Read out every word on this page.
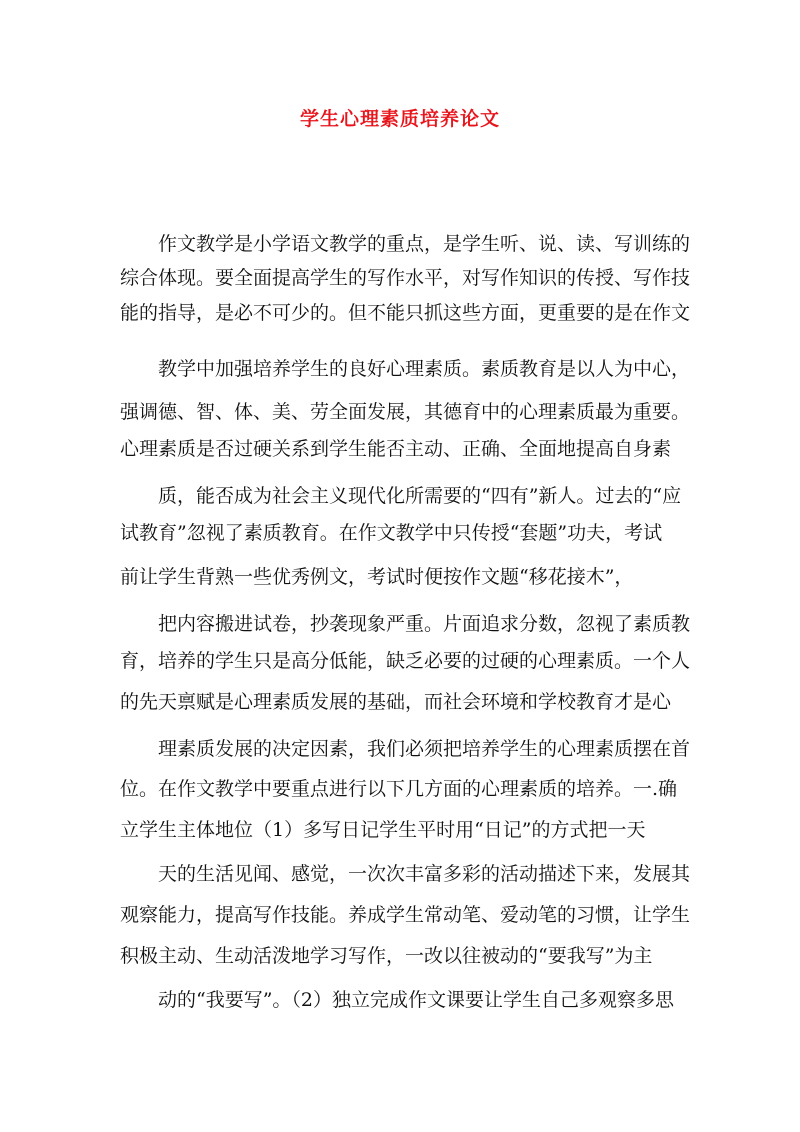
学生心理素质培养论文
作文教学是小学语文教学的重点，是学生听、说、读、写训练的
综合体现。要全面提高学生的写作水平，对写作知识的传授、写作技
能的指导，是必不可少的。但不能只抓这些方面，更重要的是在作文
教学中加强培养学生的良好心理素质。素质教育是以人为中心，
强调德、智、体、美、劳全面发展，其德育中的心理素质最为重要。
心理素质是否过硬关系到学生能否主动、正确、全面地提高自身素
质，能否成为社会主义现代化所需要的“四有”新人。过去的“应
试教育”忽视了素质教育。在作文教学中只传授“套题”功夫，考试
前让学生背熟一些优秀例文，考试时便按作文题“移花接木”，
把内容搬进试卷，抄袭现象严重。片面追求分数，忽视了素质教
育，培养的学生只是高分低能，缺乏必要的过硬的心理素质。一个人
的先天禀赋是心理素质发展的基础，而社会环境和学校教育才是心
理素质发展的决定因素，我们必须把培养学生的心理素质摆在首
位。在作文教学中要重点进行以下几方面的心理素质的培养。一.确
立学生主体地位（1）多写日记学生平时用“日记”的方式把一天
天的生活见闻、感觉，一次次丰富多彩的活动描述下来，发展其
观察能力，提高写作技能。养成学生常动笔、爱动笔的习惯，让学生
积极主动、生动活泼地学习写作，一改以往被动的“要我写”为主
动的“我要写”。（2）独立完成作文课要让学生自己多观察多思
